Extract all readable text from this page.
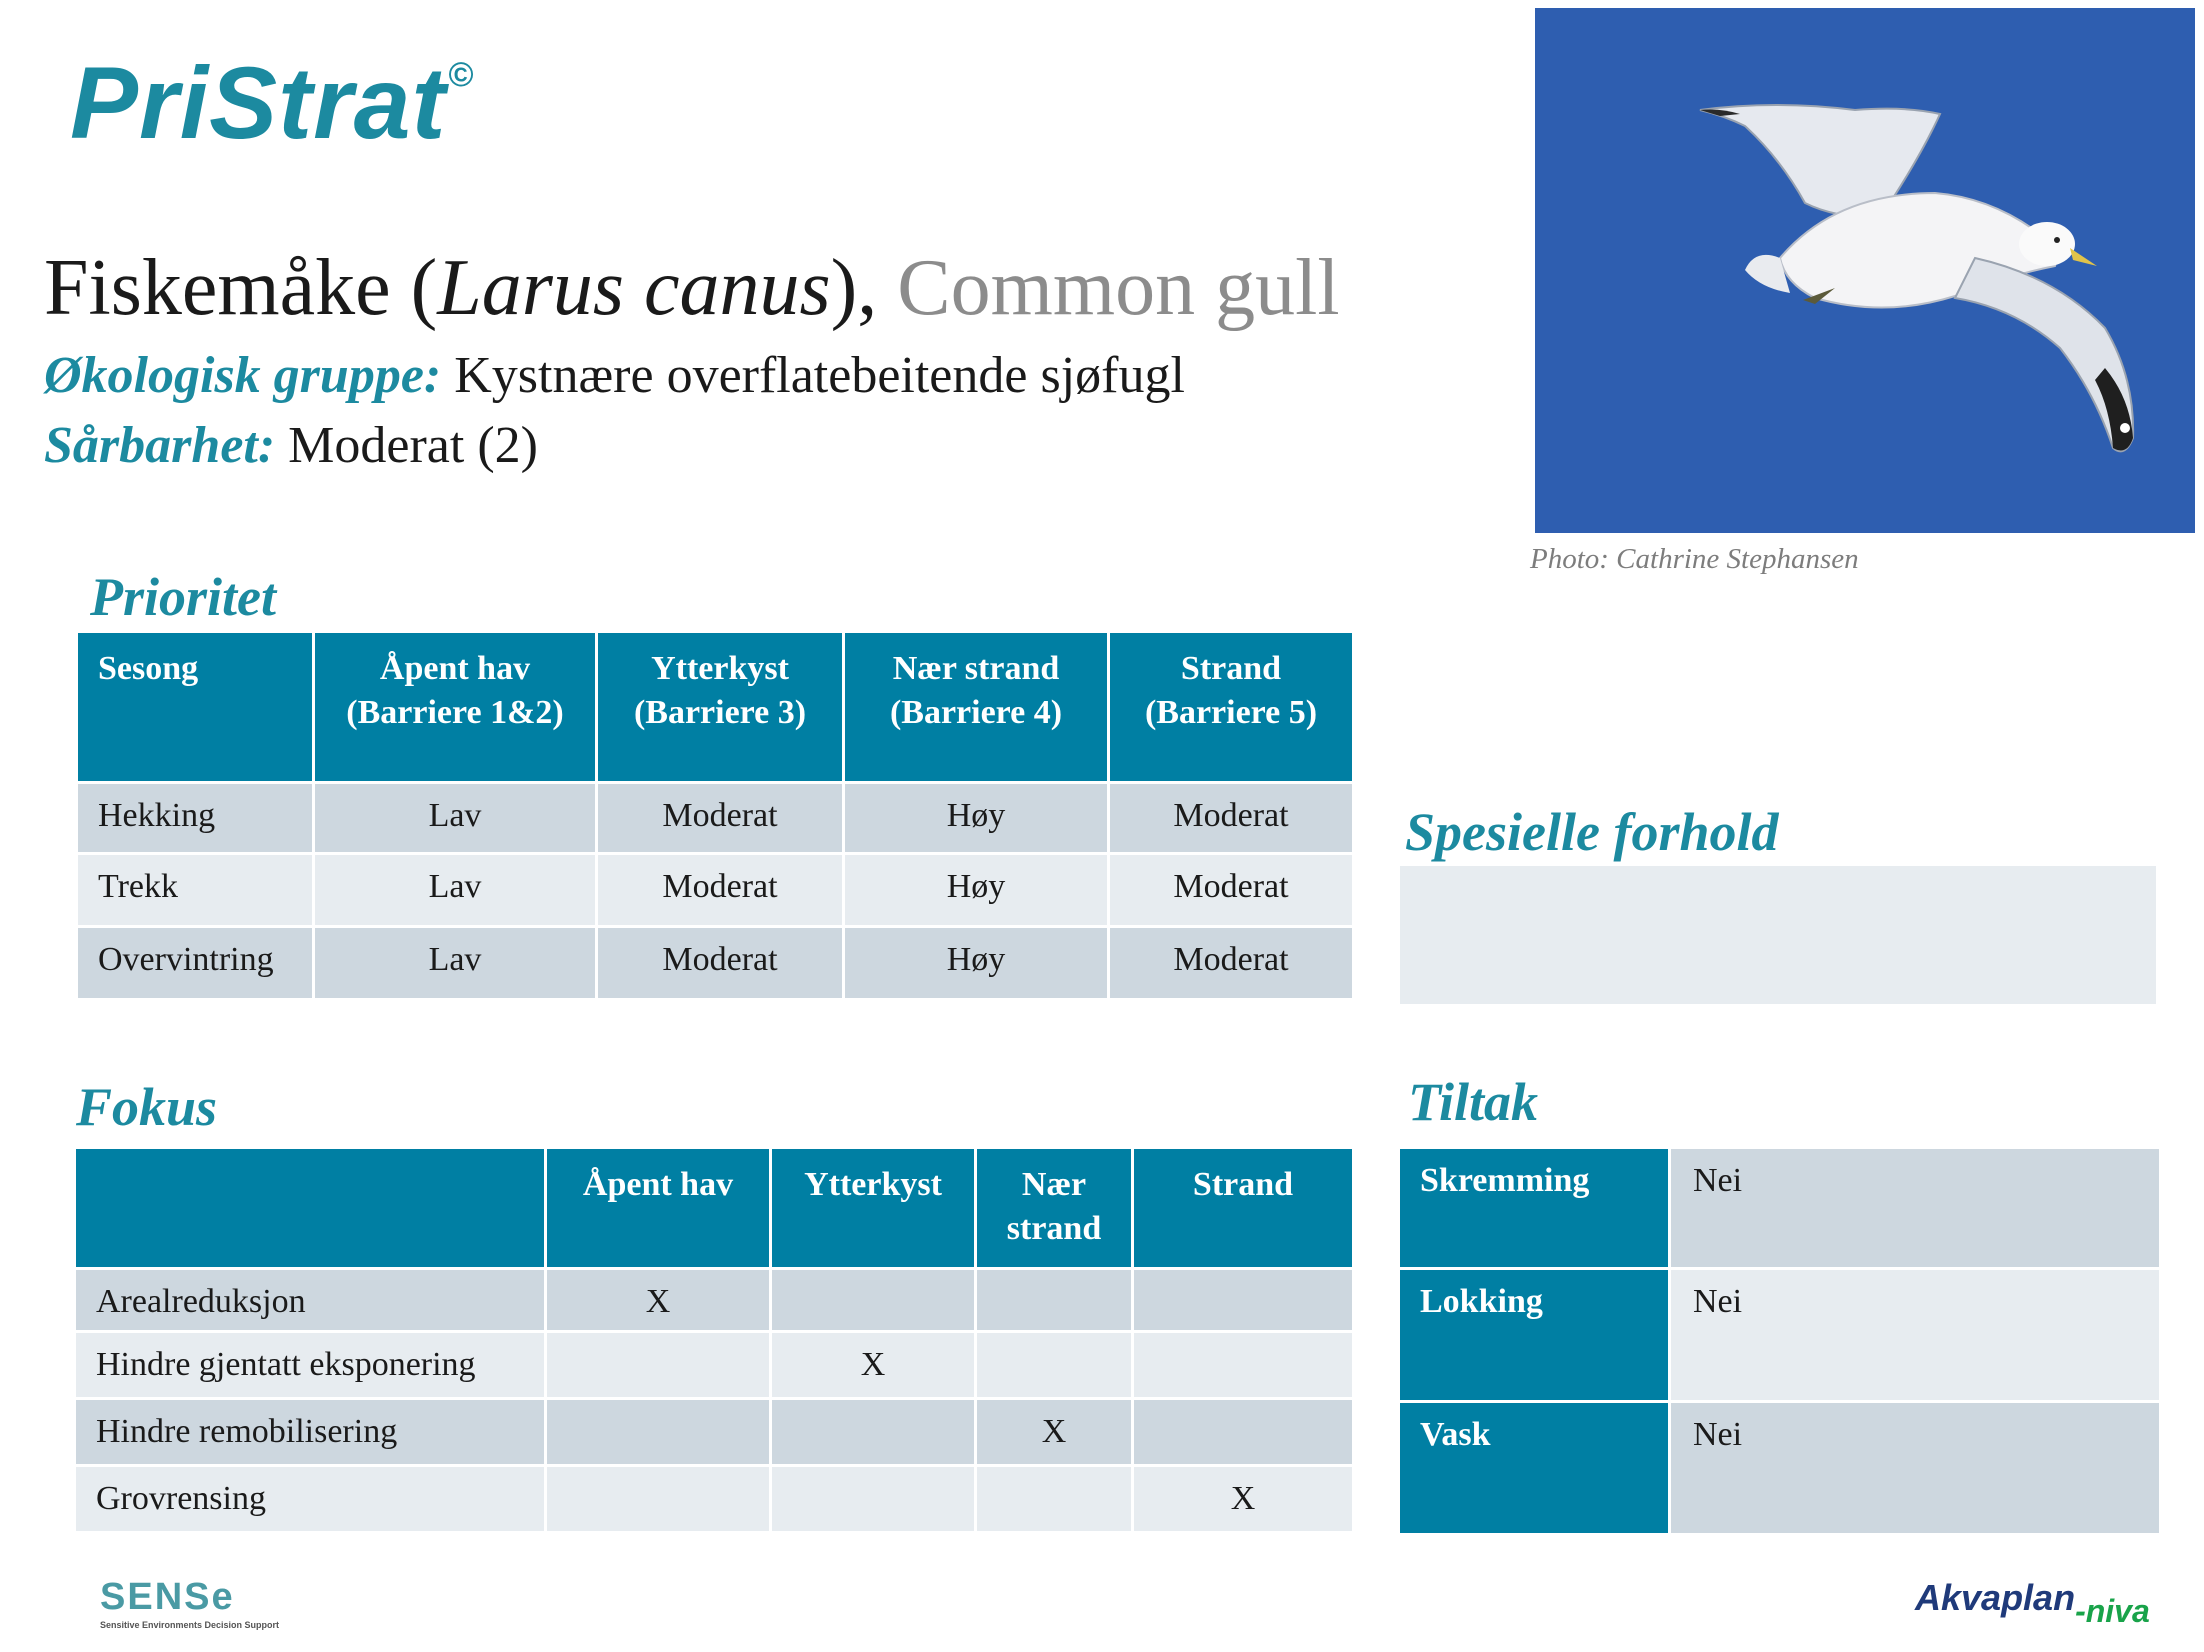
PriStrat©
Fiskemåke (Larus canus), Common gull
Økologisk gruppe: Kystnære overflatebeitende sjøfugl
Sårbarhet: Moderat (2)
Photo: Cathrine Stephansen
Prioritet
Sesong	Åpent hav (Barriere 1&2)	Ytterkyst (Barriere 3)	Nær strand (Barriere 4)	Strand (Barriere 5)
Hekking	Lav	Moderat	Høy	Moderat
Trekk	Lav	Moderat	Høy	Moderat
Overvintring	Lav	Moderat	Høy	Moderat
Spesielle forhold
Fokus
	Åpent hav	Ytterkyst	Nær strand	Strand
Arealreduksjon	X			
Hindre gjentatt eksponering		X		
Hindre remobilisering			X	
Grovrensing				X
Tiltak
Skremming	Nei
Lokking	Nei
Vask	Nei
SENSe
Sensitive Environments Decision Support
Akvaplan-niva
